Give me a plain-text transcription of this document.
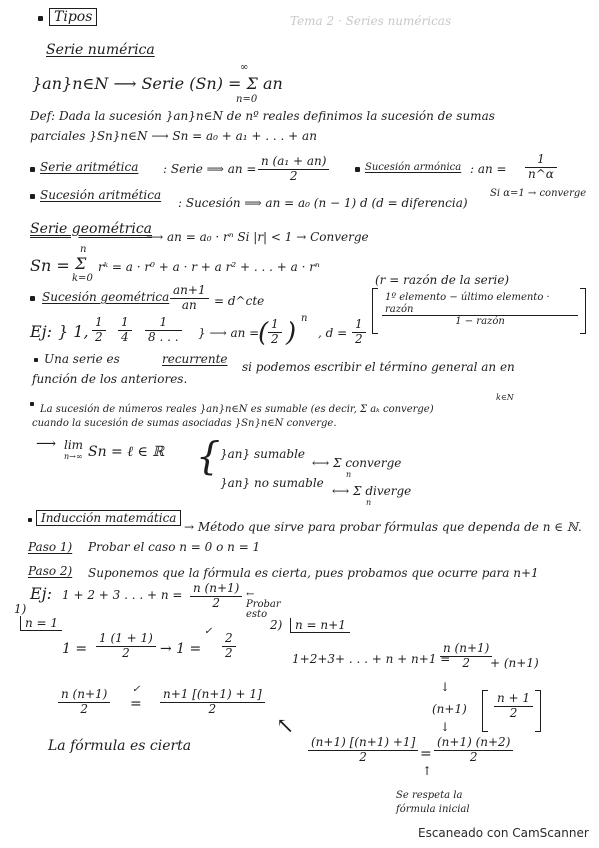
Tipos	Tema 2 · Series numéricas
Serie numérica
}an}n∈N ⟶ Serie (Sn) = Σ an
∞
n=0
Def: Dada la sucesión }an}n∈N de nº reales definimos la sucesión de sumas
parciales }Sn}n∈N ⟶ Sn = a₀ + a₁ + . . . + an
Serie aritmética : Serie ⟹ an =
n (a₁ + an)
2
Sucesión armónica : an =
1
n^α
Si α=1 → converge
Sucesión aritmética
: Sucesión ⟹ an = a₀ (n − 1) d (d = diferencia)
Serie geométrica
⟶ an = a₀ · rⁿ Si |r| < 1 → Converge
Sn =
n
Σ
k=0
rᵏ = a · r⁰ + a · r + a r² + . . . + a · rⁿ
(r = razón de la serie)
Sucesión geométrica an+1
an = d^cte	1º elemento − último elemento · razón
1 − razón
Ej: } 1, 1
2
1
4
1
8 . . . } ⟶ an =
( 1
2 ) n
, d =
1
2
Una serie es	recurrente
si podemos escribir el término general an en
función de los anteriores.
La sucesión de números reales }an}n∈N es sumable (es decir, Σ aₖ converge)
k∈N
cuando la sucesión de sumas asociadas }Sn}n∈N converge.
⟶ lim
n→∞ Sn = ℓ ∈ ℝ { }an} sumable
⟷ Σ converge
n
}an} no sumable
⟷ Σ diverge
n
Inducción matemática
→ Método que sirve para probar fórmulas que dependa de n ∈ ℕ.
Paso 1) Probar el caso n = 0 o n = 1
Paso 2) Suponemos que la fórmula es cierta, pues probamos que ocurre para n+1
Ej: 1 + 2 + 3 . . . + n = n (n+1)
2
← Probar esto
1)
n = 1
1 =
1 (1 + 1)
2 → 1 =
✓ 2
2
2)	n = n+1
1+2+3+ . . . + n + n+1 =
n (n+1)
2 + (n+1)
↓
(n+1)
n + 1
2
↓
n (n+1)
2
✓
=
n+1 [(n+1) + 1]
2
La fórmula es cierta
↖
(n+1) [(n+1) +1]
2	=
(n+1) (n+2)
2
↑
Se respeta la
fórmula inicial
Escaneado con CamScanner
